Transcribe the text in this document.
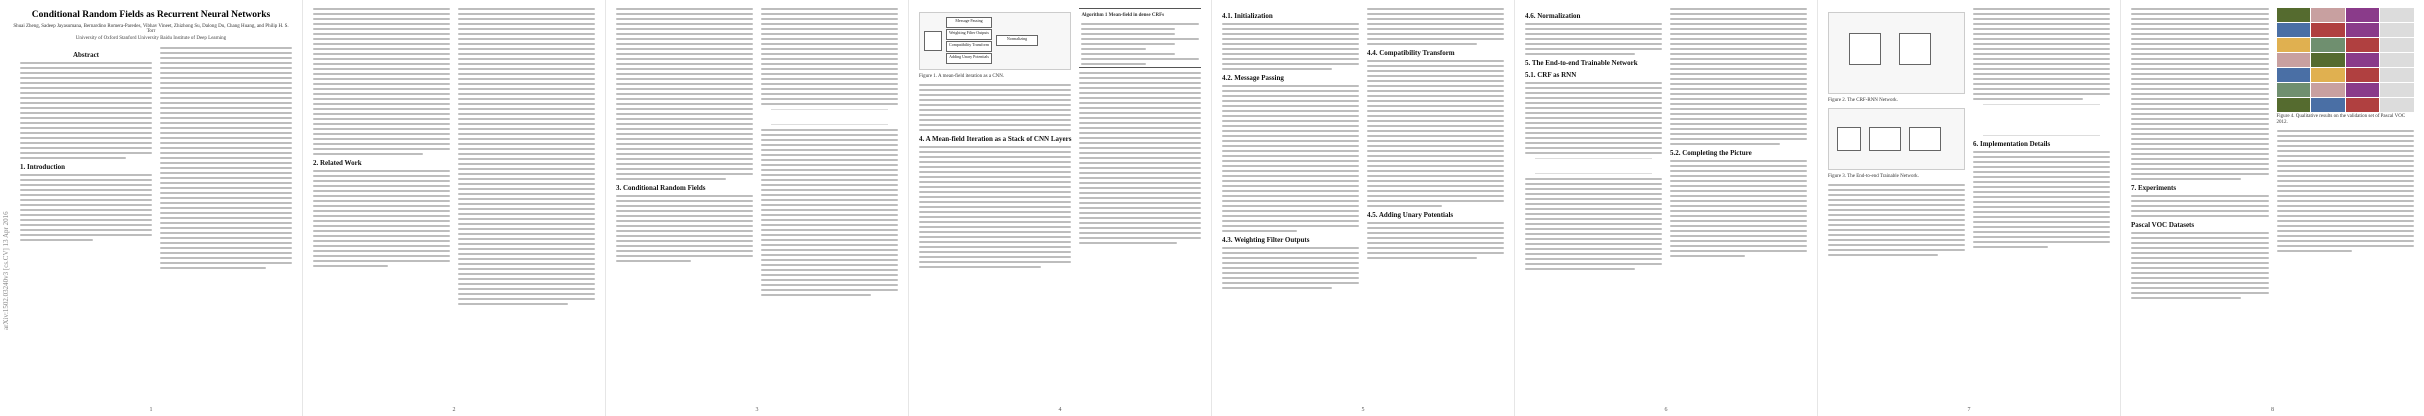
arXiv:1502.03240v3 [cs.CV] 13 Apr 2016
Conditional Random Fields as Recurrent Neural Networks
Shuai Zheng, Sadeep Jayasumana, Bernardino Romera-Paredes, Vibhav Vineet, Zhizhong Su, Dalong Du, Chang Huang, and Philip H. S. Torr
University of Oxford Stanford University Baidu Institute of Deep Learning
Abstract
1. Introduction
1
2. Related Work
2
3. Conditional Random Fields
3
Message Passing
Weighting Filter Outputs
Compatibility Transform
Adding Unary Potentials
Normalizing
Figure 1. A mean-field iteration as a CNN.
4. A Mean-field Iteration as a Stack of CNN Layers
Algorithm 1 Mean-field in dense CRFs
4
4.1. Initialization
4.2. Message Passing
4.3. Weighting Filter Outputs
4.4. Compatibility Transform
4.5. Adding Unary Potentials
5
4.6. Normalization
5. The End-to-end Trainable Network
5.1. CRF as RNN
5.2. Completing the Picture
6
Figure 2. The CRF-RNN Network.
Figure 3. The End-to-end Trainable Network.
6. Implementation Details
7
7. Experiments
Pascal VOC Datasets
Figure 4. Qualitative results on the validation set of Pascal VOC 2012.
8
